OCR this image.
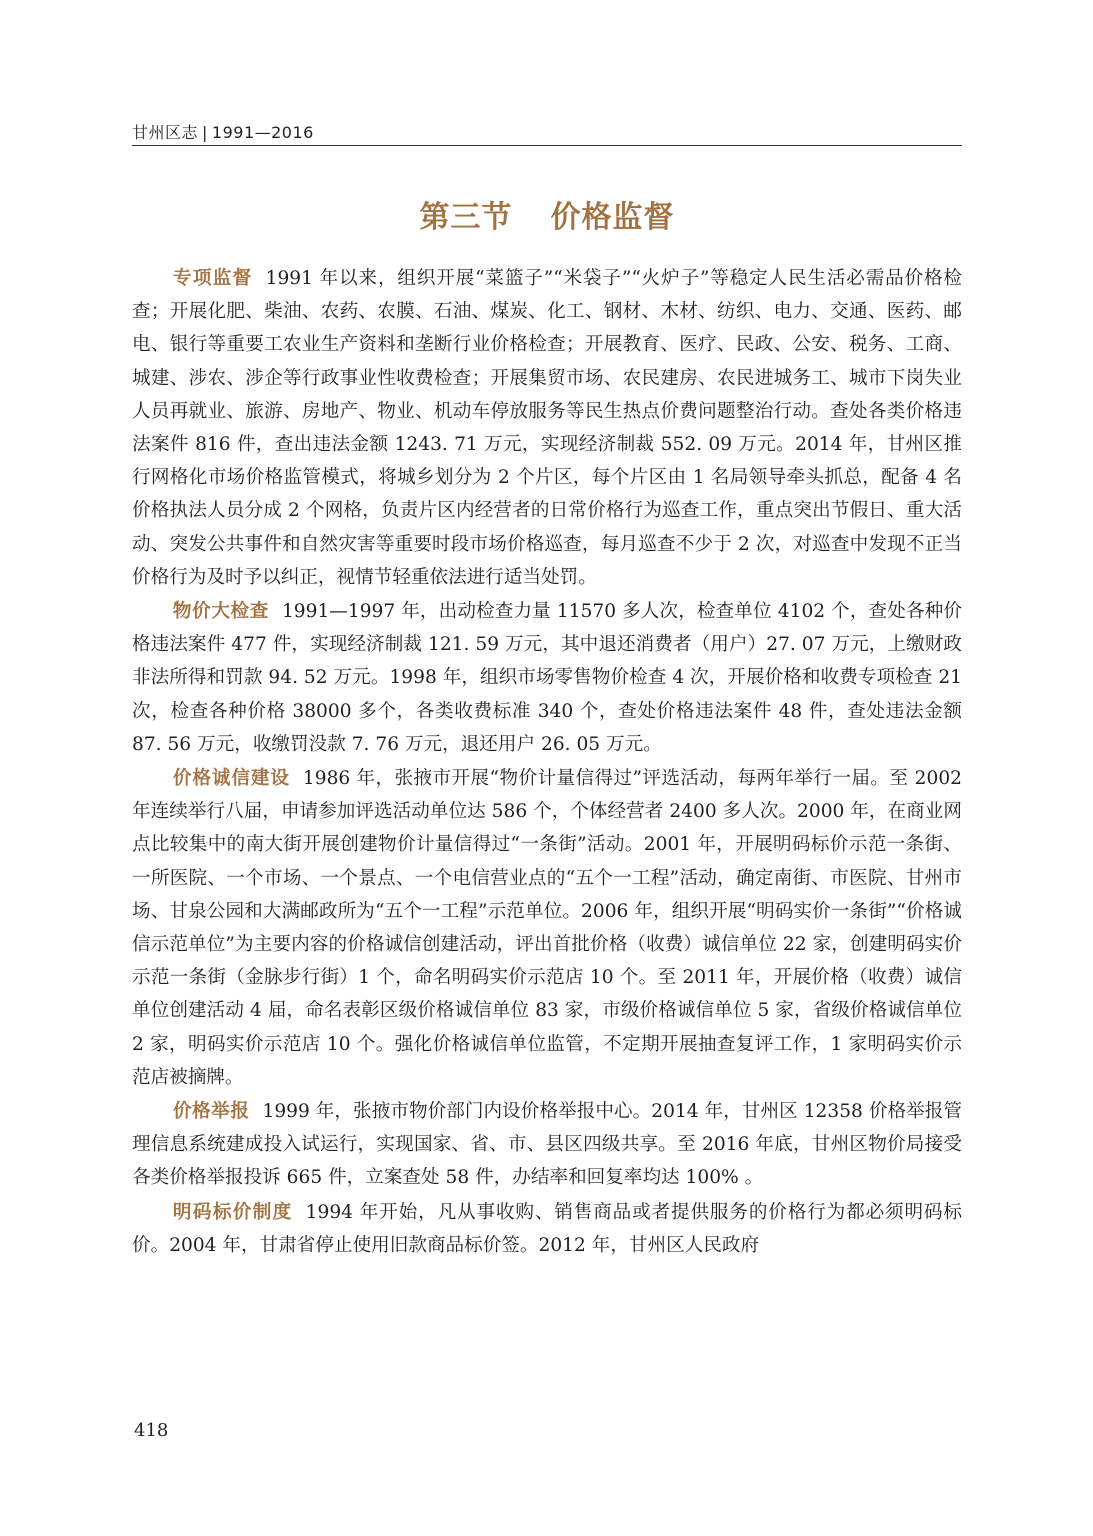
甘州区志 | 1991—2016
第三节 价格监督

专项监督 1991 年以来，组织开展“菜篮子”“米袋子”“火炉子”等稳定人民生活必需品价格检查；开展化肥、柴油、农药、农膜、石油、煤炭、化工、钢材、木材、纺织、电力、交通、医药、邮电、银行等重要工农业生产资料和垄断行业价格检查；开展教育、医疗、民政、公安、税务、工商、城建、涉农、涉企等行政事业性收费检查；开展集贸市场、农民建房、农民进城务工、城市下岗失业人员再就业、旅游、房地产、物业、机动车停放服务等民生热点价费问题整治行动。查处各类价格违法案件 816 件，查出违法金额 1243. 71 万元，实现经济制裁 552. 09 万元。2014 年，甘州区推行网格化市场价格监管模式，将城乡划分为 2 个片区，每个片区由 1 名局领导牵头抓总，配备 4 名价格执法人员分成 2 个网格，负责片区内经营者的日常价格行为巡查工作，重点突出节假日、重大活动、突发公共事件和自然灾害等重要时段市场价格巡查，每月巡查不少于 2 次，对巡查中发现不正当价格行为及时予以纠正，视情节轻重依法进行适当处罚。

物价大检查 1991—1997 年，出动检查力量 11570 多人次，检查单位 4102 个，查处各种价格违法案件 477 件，实现经济制裁 121. 59 万元，其中退还消费者（用户）27. 07 万元，上缴财政非法所得和罚款 94. 52 万元。1998 年，组织市场零售物价检查 4 次，开展价格和收费专项检查 21 次，检查各种价格 38000 多个，各类收费标准 340 个，查处价格违法案件 48 件，查处违法金额 87. 56 万元，收缴罚没款 7. 76 万元，退还用户 26. 05 万元。

价格诚信建设 1986 年，张掖市开展“物价计量信得过”评选活动，每两年举行一届。至 2002 年连续举行八届，申请参加评选活动单位达 586 个，个体经营者 2400 多人次。2000 年，在商业网点比较集中的南大街开展创建物价计量信得过“一条街”活动。2001 年，开展明码标价示范一条街、一所医院、一个市场、一个景点、一个电信营业点的“五个一工程”活动，确定南街、市医院、甘州市场、甘泉公园和大满邮政所为“五个一工程”示范单位。2006 年，组织开展“明码实价一条街”“价格诚信示范单位”为主要内容的价格诚信创建活动，评出首批价格（收费）诚信单位 22 家，创建明码实价示范一条街（金脉步行街）1 个，命名明码实价示范店 10 个。至 2011 年，开展价格（收费）诚信单位创建活动 4 届，命名表彰区级价格诚信单位 83 家，市级价格诚信单位 5 家，省级价格诚信单位 2 家，明码实价示范店 10 个。强化价格诚信单位监管，不定期开展抽查复评工作，1 家明码实价示范店被摘牌。

价格举报 1999 年，张掖市物价部门内设价格举报中心。2014 年，甘州区 12358 价格举报管理信息系统建成投入试运行，实现国家、省、市、县区四级共享。至 2016 年底，甘州区物价局接受各类价格举报投诉 665 件，立案查处 58 件，办结率和回复率均达 100% 。

明码标价制度 1994 年开始，凡从事收购、销售商品或者提供服务的价格行为都必须明码标价。2004 年，甘肃省停止使用旧款商品标价签。2012 年，甘州区人民政府

418
